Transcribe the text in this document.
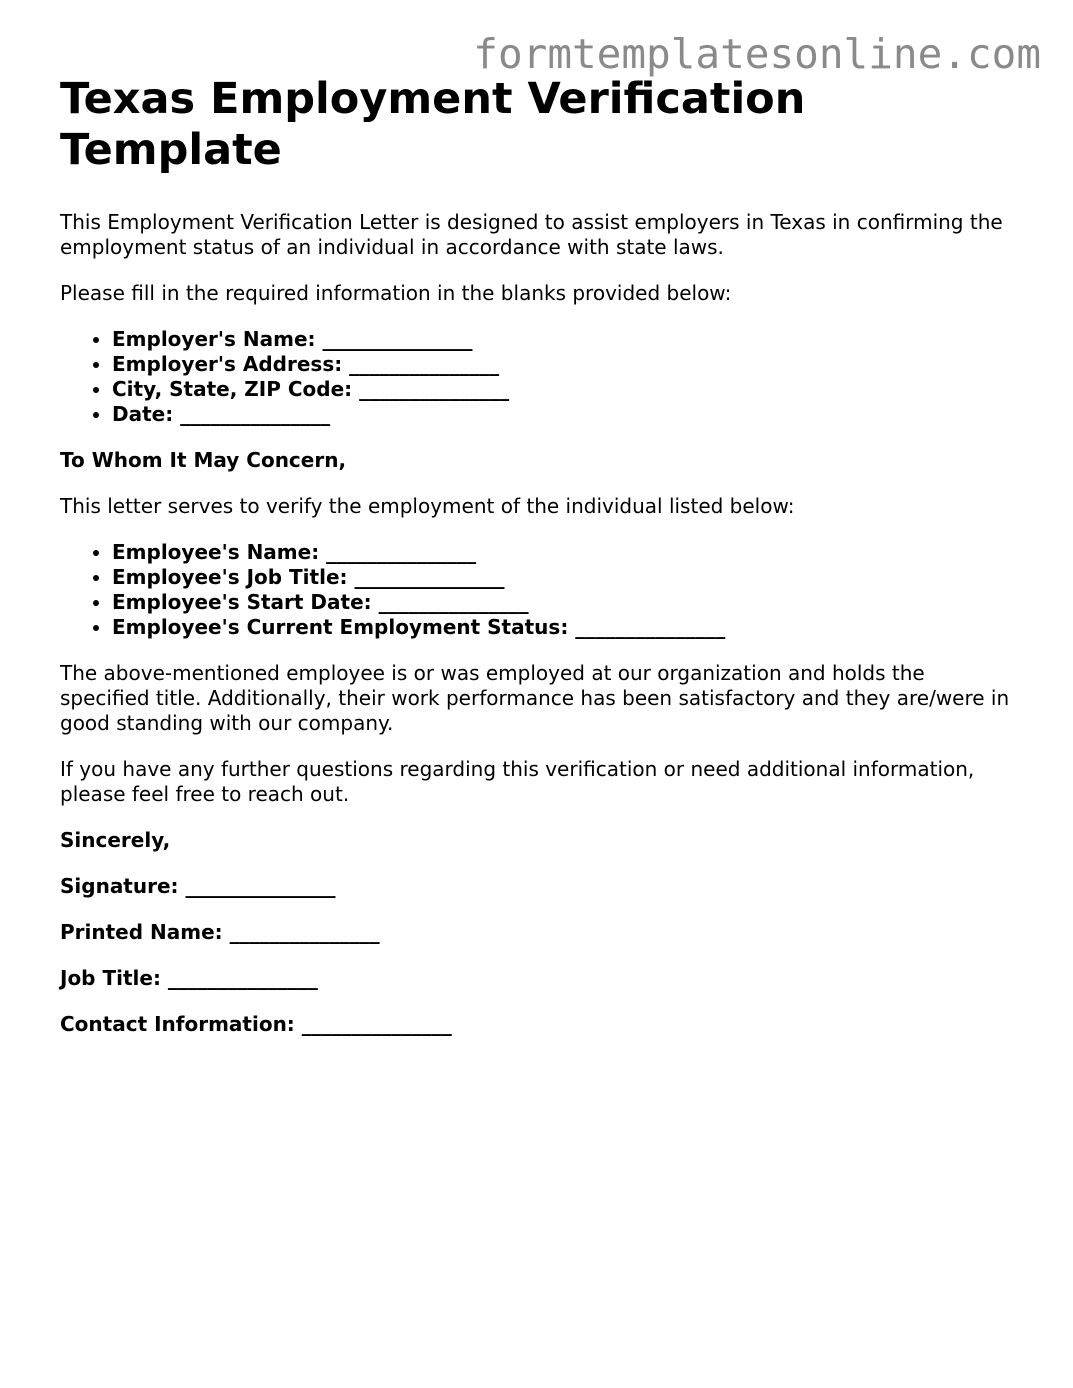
formtemplatesonline.com
Texas Employment Verification Template

This Employment Verification Letter is designed to assist employers in Texas in confirming the employment status of an individual in accordance with state laws.

Please fill in the required information in the blanks provided below:

• Employer's Name: _______________
• Employer's Address: _______________
• City, State, ZIP Code: _______________
• Date: _______________

To Whom It May Concern,

This letter serves to verify the employment of the individual listed below:

• Employee's Name: _______________
• Employee's Job Title: _______________
• Employee's Start Date: _______________
• Employee's Current Employment Status: _______________

The above-mentioned employee is or was employed at our organization and holds the specified title. Additionally, their work performance has been satisfactory and they are/were in good standing with our company.

If you have any further questions regarding this verification or need additional information, please feel free to reach out.

Sincerely,

Signature: _______________
Printed Name: _______________
Job Title: _______________
Contact Information: _______________
